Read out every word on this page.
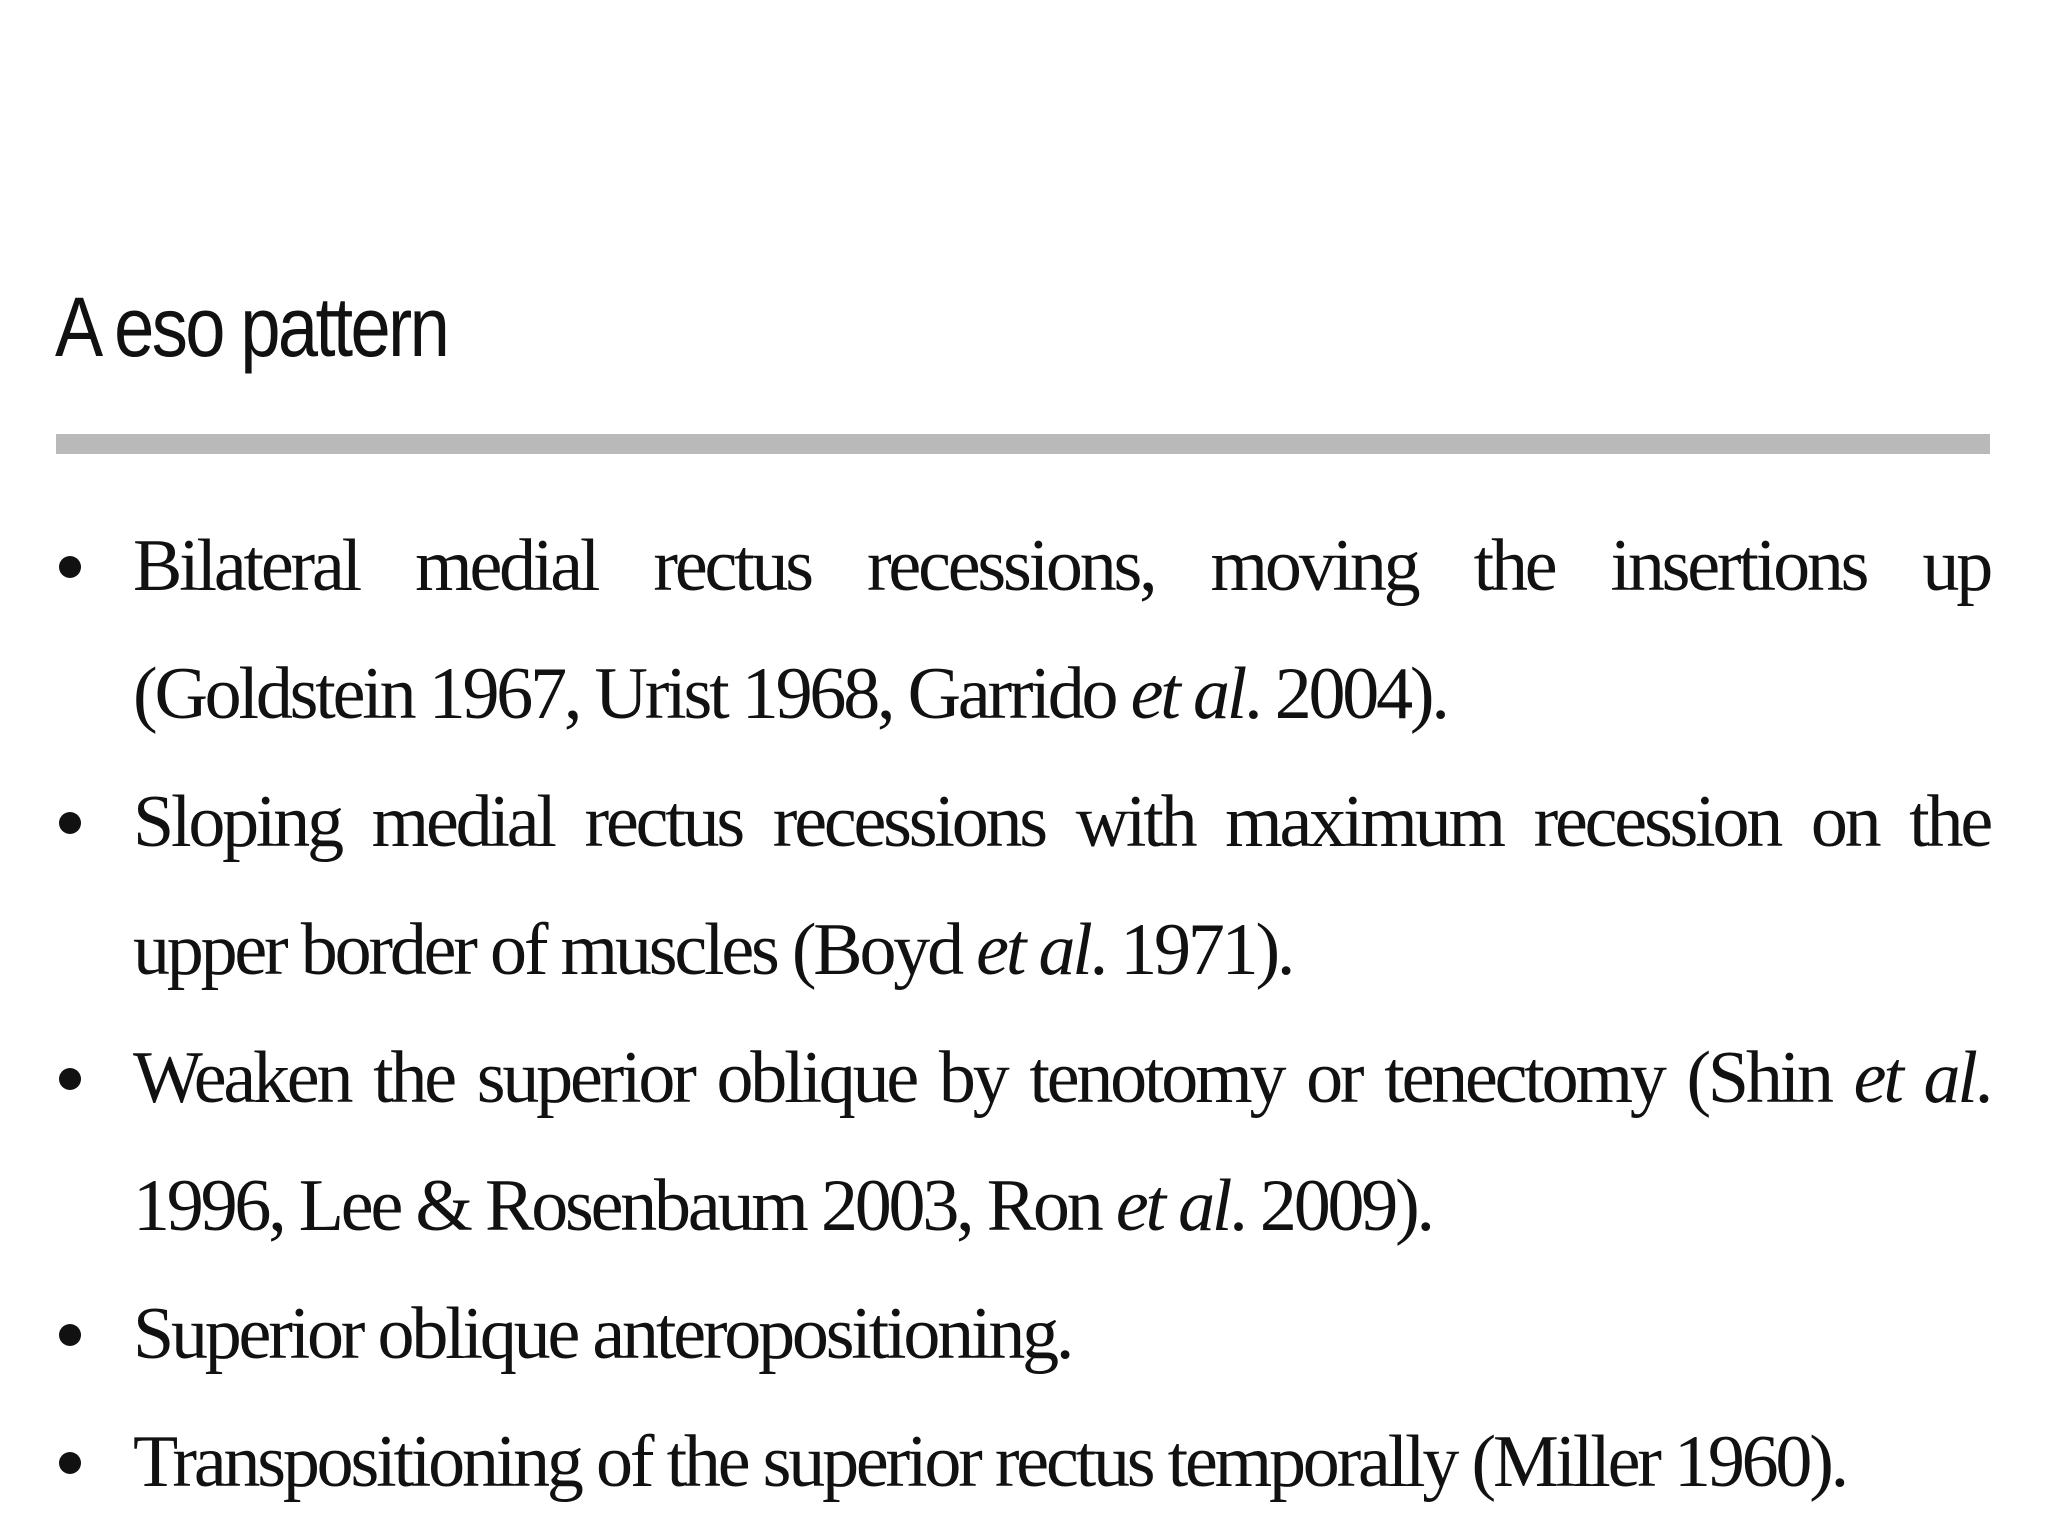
A eso pattern
Bilateral medial rectus recessions, moving the insertions up (Goldstein 1967, Urist 1968, Garrido et al. 2004).
Sloping medial rectus recessions with maximum recession on the upper border of muscles (Boyd et al. 1971).
Weaken the superior oblique by tenotomy or tenectomy (Shin et al. 1996, Lee & Rosenbaum 2003, Ron et al. 2009).
Superior oblique anteropositioning.
Transpositioning of the superior rectus temporally (Miller 1960).
